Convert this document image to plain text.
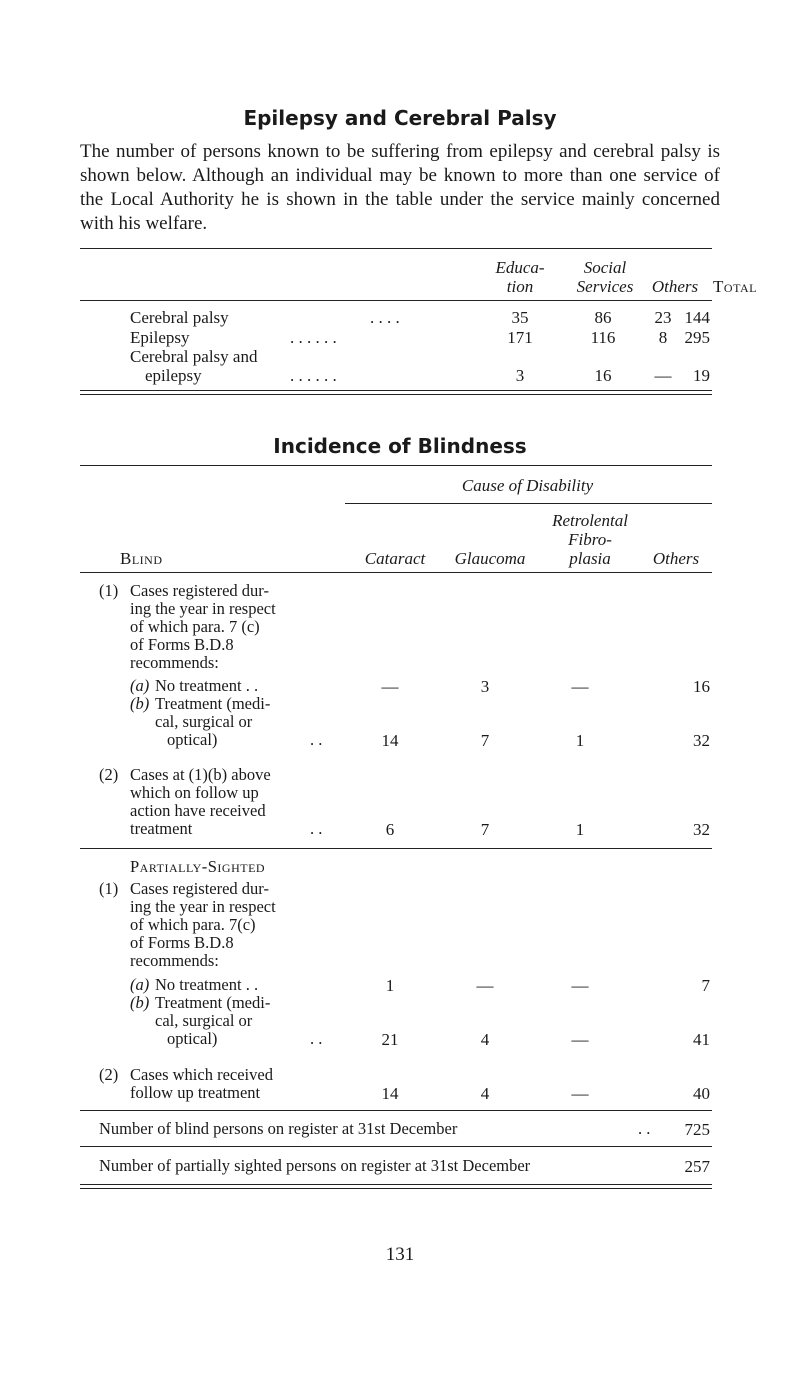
Epilepsy and Cerebral Palsy
The number of persons known to be suffering from epilepsy and cerebral palsy is shown below. Although an individual may be known to more than one service of the Local Authority he is shown in the table under the service mainly concerned with his welfare.
Educa-
tion
Social
Services	Others Total
Cerebral palsy	. . . .	35	86	23 144
Epilepsy	. . . . . .	171	116	8	295
Cerebral palsy and
epilepsy	. . . . . .	3	16	—	19
Incidence of Blindness
Cause of Disability
Retrolental
Fibro-
plasia
Blind	Cataract	Glaucoma	Others
(1) Cases registered dur-
ing the year in respect
of which para. 7 (c)
of Forms B.D.8
recommends:
(a) No treatment . .	—	3	—	16
(b) Treatment (medi-
cal, surgical or
optical)	. .	14	7	1	32
(2) Cases at (1)(b) above
which on follow up
action have received
treatment	. .	6	7	1	32
Partially-Sighted
(1) Cases registered dur-
ing the year in respect
of which para. 7(c)
of Forms B.D.8
recommends:
(a) No treatment . .	1	—	—	7
(b) Treatment (medi-
cal, surgical or
optical)	. .	21	4	—	41
(2) Cases which received
follow up treatment	14	4	—	40
Number of blind persons on register at 31st December	. .	725
Number of partially sighted persons on register at 31st December	257
131
